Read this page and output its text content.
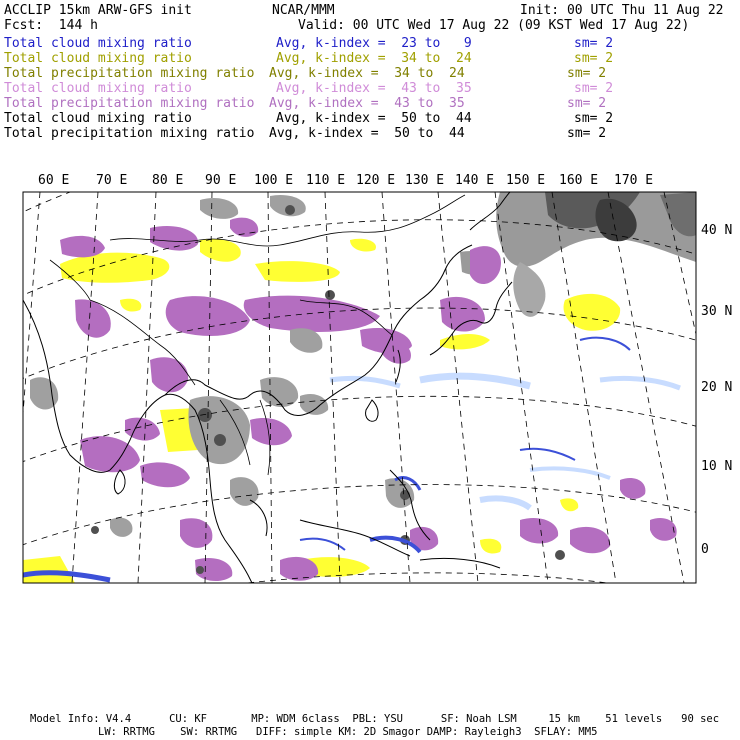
ACCLIP 15km ARW-GFS init	NCAR/MMM	Init: 00 UTC Thu 11 Aug 22
Fcst:  144 h	Valid: 00 UTC Wed 17 Aug 22 (09 KST Wed 17 Aug 22)
Total cloud mixing ratio	Avg, k-index =  23 to   9	sm= 2
Total cloud mixing ratio	Avg, k-index =  34 to  24	sm= 2
Total precipitation mixing ratio Avg, k-index =  34 to  24	sm= 2
Total cloud mixing ratio	Avg, k-index =  43 to  35	sm= 2
Total precipitation mixing ratio Avg, k-index =  43 to  35	sm= 2
Total cloud mixing ratio	Avg, k-index =  50 to  44	sm= 2
Total precipitation mixing ratio Avg, k-index =  50 to  44	sm= 2
60 E 70 E 80 E 90 E 100 E 110 E 120 E 130 E 140 E 150 E 160 E 170 E
40 N
30 N
20 N
10 N
0
Model Info: V4.4      CU: KF       MP: WDM 6class  PBL: YSU      SF: Noah LSM     15 km    51 levels   90 sec
LW: RRTMG    SW: RRTMG   DIFF: simple KM: 2D Smagor DAMP: Rayleigh3  SFLAY: MM5
